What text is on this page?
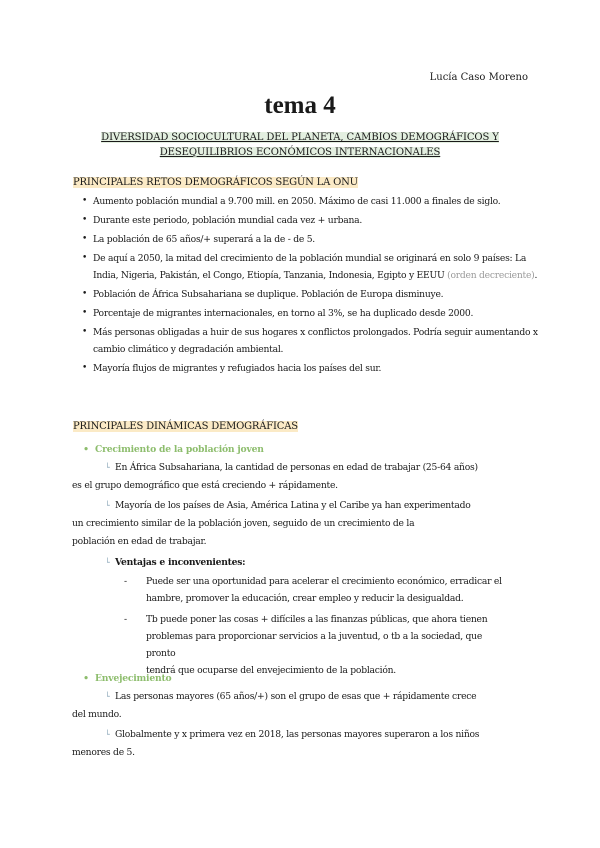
Lucía Caso Moreno
tema 4
DIVERSIDAD SOCIOCULTURAL DEL PLANETA, CAMBIOS DEMOGRÁFICOS Y
DESEQUILIBRIOS ECONÓMICOS INTERNACIONALES
PRINCIPALES RETOS DEMOGRÁFICOS SEGÚN LA ONU
• Aumento población mundial a 9.700 mill. en 2050. Máximo de casi 11.000 a finales de siglo.
• Durante este periodo, población mundial cada vez + urbana.
• La población de 65 años/+ superará a la de - de 5.
• De aquí a 2050, la mitad del crecimiento de la población mundial se originará en solo 9 países: La India, Nigeria, Pakistán, el Congo, Etiopía, Tanzania, Indonesia, Egipto y EEUU (orden decreciente).
• Población de África Subsahariana se duplique. Población de Europa disminuye.
• Porcentaje de migrantes internacionales, en torno al 3%, se ha duplicado desde 2000.
• Más personas obligadas a huir de sus hogares x conflictos prolongados. Podría seguir aumentando x cambio climático y degradación ambiental.
• Mayoría flujos de migrantes y refugiados hacia los países del sur.
PRINCIPALES DINÁMICAS DEMOGRÁFICAS
• Crecimiento de la población joven
└ En África Subsahariana, la cantidad de personas en edad de trabajar (25-64 años)
es el grupo demográfico que está creciendo + rápidamente.
└ Mayoría de los países de Asia, América Latina y el Caribe ya han experimentado
un crecimiento similar de la población joven, seguido de un crecimiento de la
población en edad de trabajar.
└ Ventajas e inconvenientes:
- Puede ser una oportunidad para acelerar el crecimiento económico, erradicar el
hambre, promover la educación, crear empleo y reducir la desigualdad.
- Tb puede poner las cosas + difíciles a las finanzas públicas, que ahora tienen
problemas para proporcionar servicios a la juventud, o tb a la sociedad, que pronto
tendrá que ocuparse del envejecimiento de la población.
• Envejecimiento
└ Las personas mayores (65 años/+) son el grupo de esas que + rápidamente crece
del mundo.
└ Globalmente y x primera vez en 2018, las personas mayores superaron a los niños
menores de 5.
